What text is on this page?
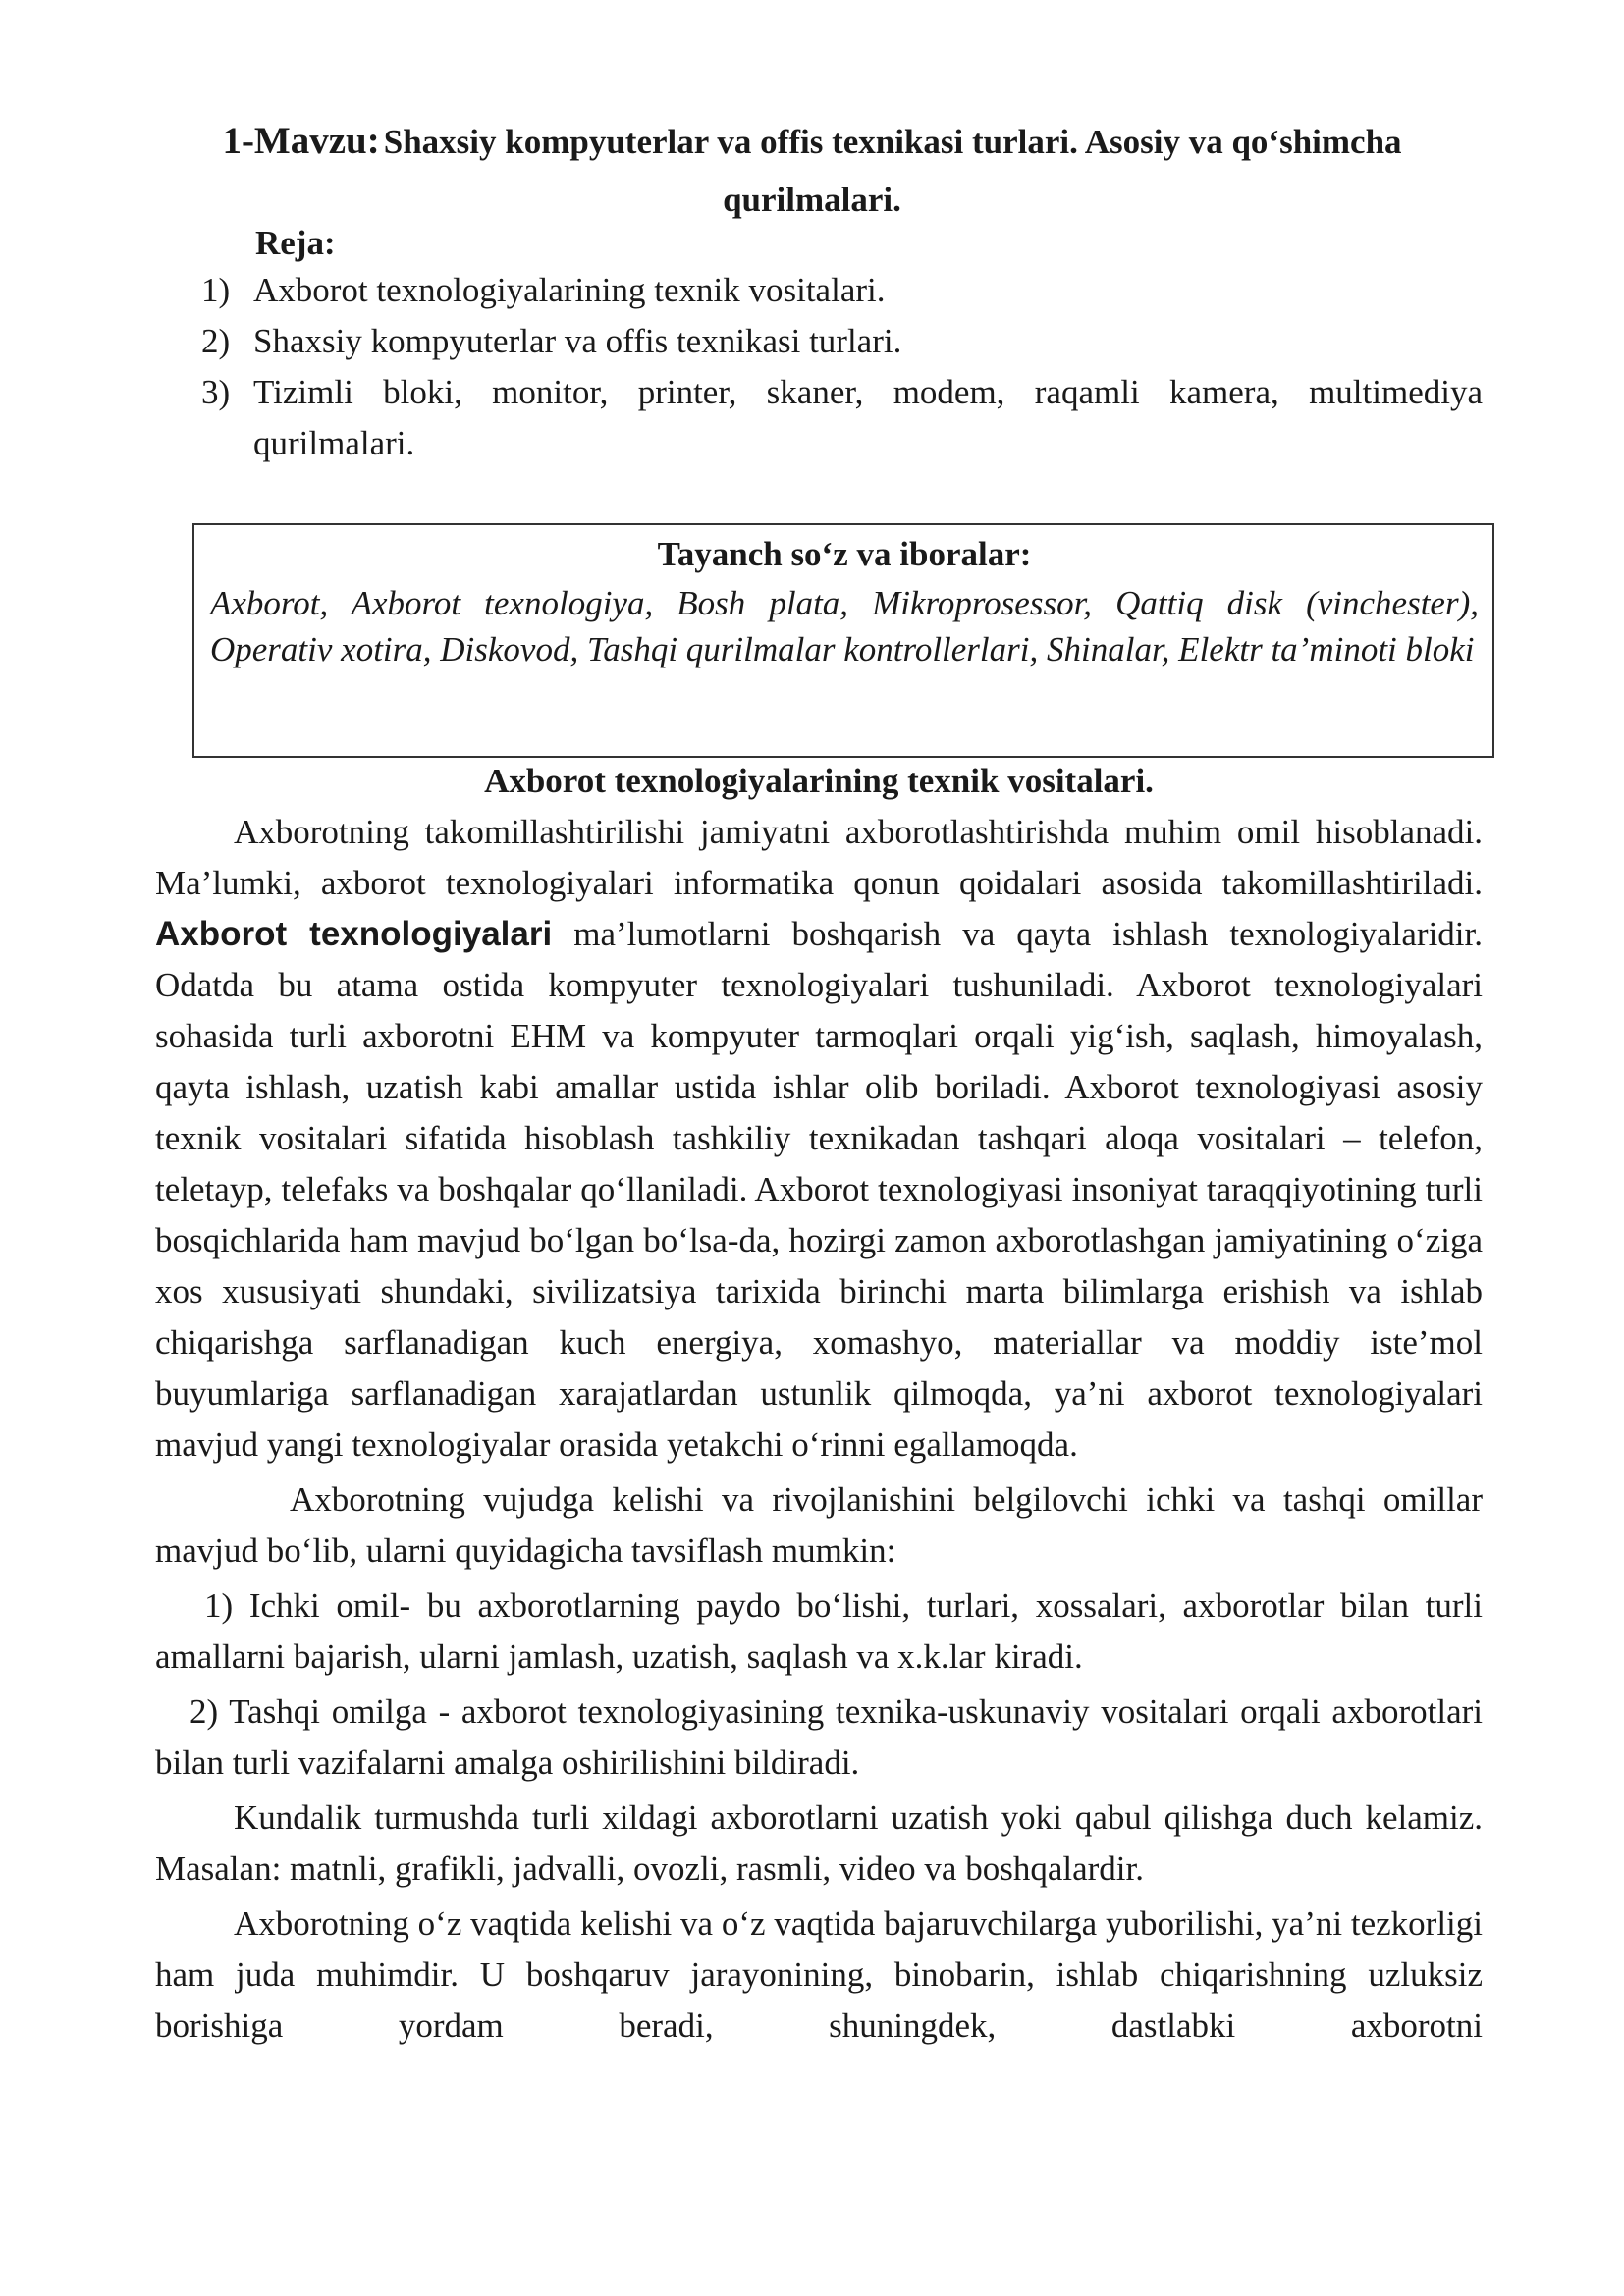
1-Mavzu: Shaxsiy kompyuterlar va offis texnikasi turlari. Asosiy va qo‘shimcha qurilmalari.
Reja:
1) Axborot texnologiyalarining texnik vositalari.
2) Shaxsiy kompyuterlar va offis texnikasi turlari.
3) Tizimli bloki, monitor, printer, skaner, modem, raqamli kamera, multimediya qurilmalari.
Tayanch so‘z va iboralar:
Axborot, Axborot texnologiya, Bosh plata, Mikroprosessor, Qattiq disk (vinchester), Operativ xotira, Diskovod, Tashqi qurilmalar kontrollerlari, Shinalar, Elektr ta’minoti bloki
Axborot texnologiyalarining texnik vositalari.

Axborotning takomillashtirilishi jamiyatni axborotlashtirishda muhim omil hisoblanadi. Ma’lumki, axborot texnologiyalari informatika qonun qoidalari asosida takomillashtiriladi. Axborot texnologiyalari ma’lumotlarni boshqarish va qayta ishlash texnologiyalaridir. Odatda bu atama ostida kompyuter texnologiyalari tushuniladi. Axborot texnologiyalari sohasida turli axborotni EHM va kompyuter tarmoqlari orqali yig‘ish, saqlash, himoyalash, qayta ishlash, uzatish kabi amallar ustida ishlar olib boriladi. Axborot texnologiyasi asosiy texnik vositalari sifatida hisoblash tashkiliy texnikadan tashqari aloqa vositalari – telefon, teletayp, telefaks va boshqalar qo‘llaniladi. Axborot texnologiyasi insoniyat taraqqiyotining turli bosqichlarida ham mavjud bo‘lgan bo‘lsa-da, hozirgi zamon axborotlashgan jamiyatining o‘ziga xos xususiyati shundaki, sivilizatsiya tarixida birinchi marta bilimlarga erishish va ishlab chiqarishga sarflanadigan kuch energiya, xomashyo, materiallar va moddiy iste’mol buyumlariga sarflanadigan xarajatlardan ustunlik qilmoqda, ya’ni axborot texnologiyalari mavjud yangi texnologiyalar orasida yetakchi o‘rinni egallamoqda.

Axborotning vujudga kelishi va rivojlanishini belgilovchi ichki va tashqi omillar mavjud bo‘lib, ularni quyidagicha tavsiflash mumkin:

1) Ichki omil- bu axborotlarning paydo bo‘lishi, turlari, xossalari, axborotlar bilan turli amallarni bajarish, ularni jamlash, uzatish, saqlash va x.k.lar kiradi.

2) Tashqi omilga - axborot texnologiyasining texnika-uskunaviy vositalari orqali axborotlari bilan turli vazifalarni amalga oshirilishini bildiradi.

Kundalik turmushda turli xildagi axborotlarni uzatish yoki qabul qilishga duch kelamiz. Masalan: matnli, grafikli, jadvalli, ovozli, rasmli, video va boshqalardir.

Axborotning o‘z vaqtida kelishi va o‘z vaqtida bajaruvchilarga yuborilishi, ya’ni tezkorligi ham juda muhimdir. U boshqaruv jarayonining, binobarin, ishlab chiqarishning uzluksiz borishiga yordam beradi, shuningdek, dastlabki axborotni
